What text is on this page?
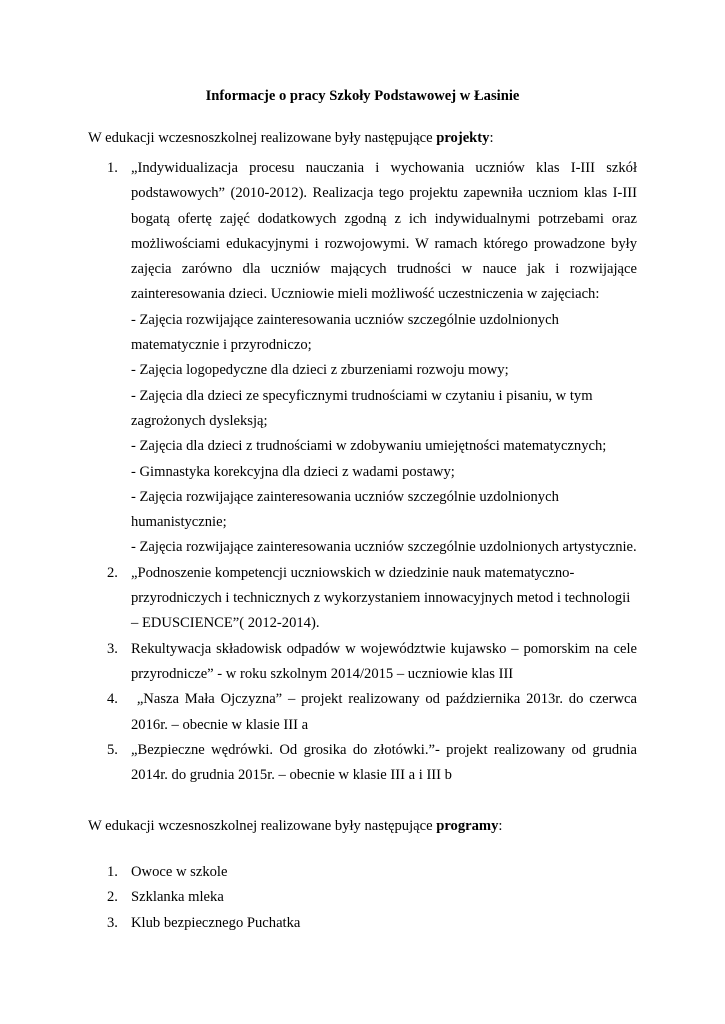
Informacje o pracy Szkoły Podstawowej w Łasinie
W edukacji wczesnoszkolnej realizowane były następujące projekty:
1. „Indywidualizacja procesu nauczania i wychowania uczniów klas I-III szkół podstawowych” (2010-2012). Realizacja tego projektu zapewniła uczniom klas I-III bogatą ofertę zajęć dodatkowych zgodną z ich indywidualnymi potrzebami oraz możliwościami edukacyjnymi i rozwojowymi. W ramach którego prowadzone były zajęcia zarówno dla uczniów mających trudności w nauce jak i rozwijające zainteresowania dzieci. Uczniowie mieli możliwość uczestniczenia w zajęciach:
- Zajęcia rozwijające zainteresowania uczniów szczególnie uzdolnionych matematycznie i przyrodniczo;
- Zajęcia logopedyczne dla dzieci z zburzeniami rozwoju mowy;
- Zajęcia dla dzieci ze specyficznymi trudnościami w czytaniu i pisaniu, w tym zagrożonych dysleksją;
- Zajęcia dla dzieci z trudnościami w zdobywaniu umiejętności matematycznych;
- Gimnastyka korekcyjna dla dzieci z wadami postawy;
- Zajęcia rozwijające zainteresowania uczniów szczególnie uzdolnionych humanistycznie;
- Zajęcia rozwijające zainteresowania uczniów szczególnie uzdolnionych artystycznie.
2. „Podnoszenie kompetencji uczniowskich w dziedzinie nauk matematyczno-przyrodniczych i technicznych z wykorzystaniem innowacyjnych metod i technologii – EDUSCIENCE”( 2012-2014).
3. Rekultywacja składowisk odpadów w województwie kujawsko – pomorskim na cele przyrodnicze” - w roku szkolnym 2014/2015 – uczniowie klas III
4. „Nasza Mała Ojczyzna” – projekt realizowany od października 2013r. do czerwca 2016r. – obecnie w klasie III a
5. „Bezpieczne wędrówki. Od grosika do złotówki.”- projekt realizowany od grudnia 2014r. do grudnia 2015r. – obecnie w klasie III a i III b
W edukacji wczesnoszkolnej realizowane były następujące programy:
1. Owoce w szkole
2. Szklanka mleka
3. Klub bezpiecznego Puchatka
